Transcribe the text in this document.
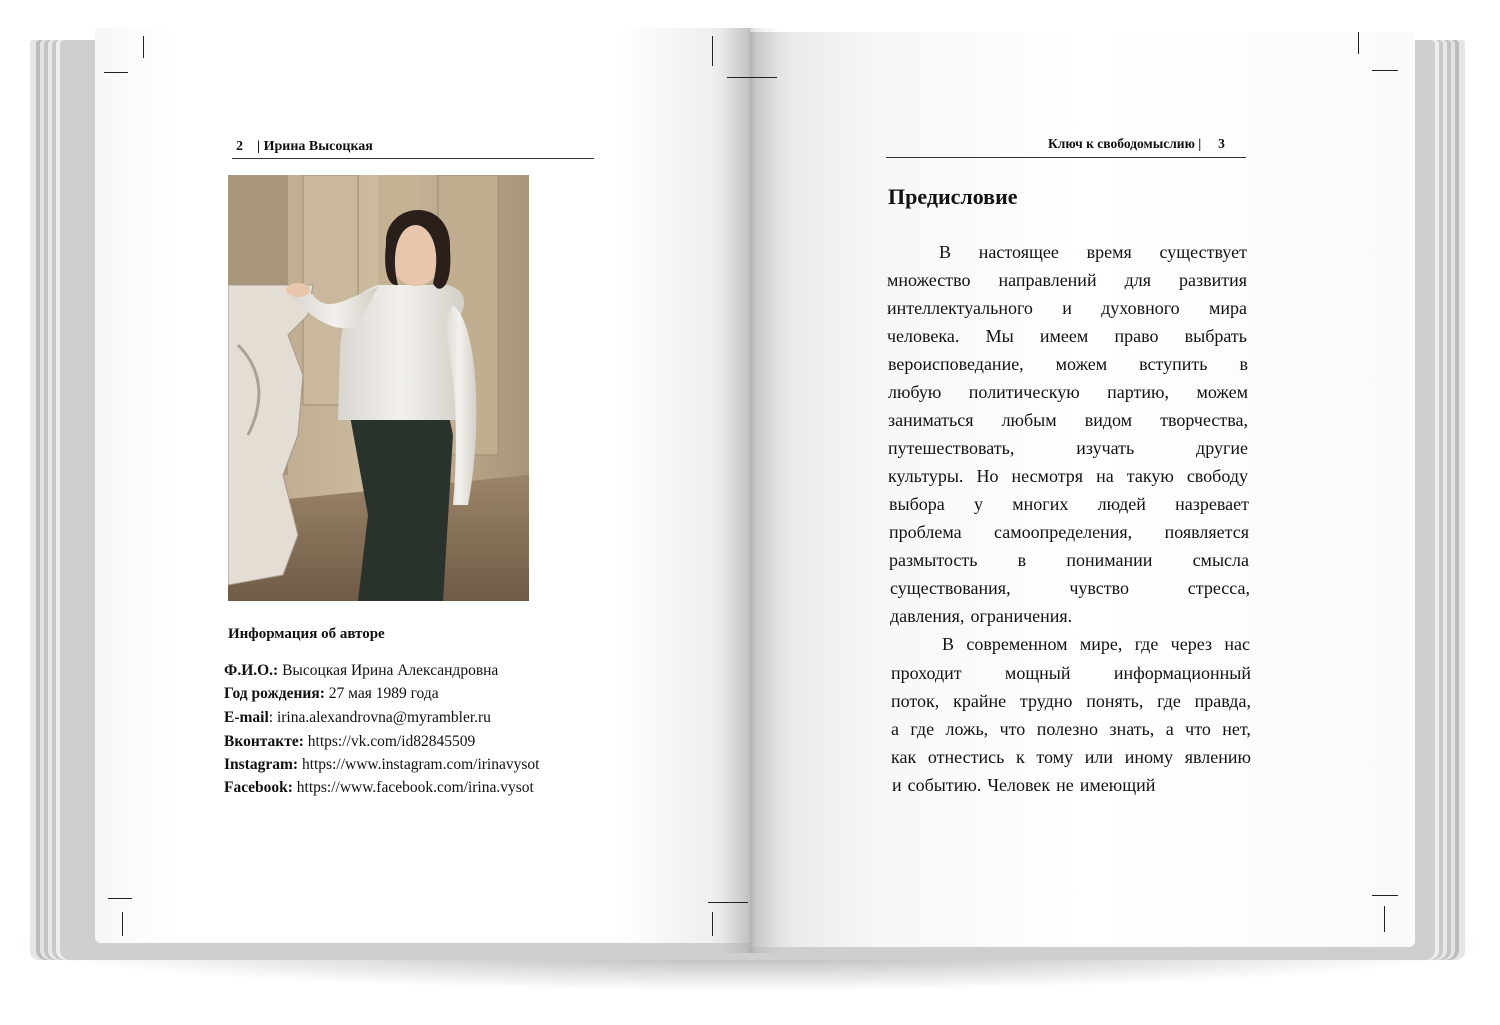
2 | Ирина Высоцкая
Информация об авторе
Ф.И.О.: Высоцкая Ирина Александровна
Год рождения: 27 мая 1989 года
E-mail: irina.alexandrovna@myrambler.ru
Вконтакте: https://vk.com/id82845509
Instagram: https://www.instagram.com/irinavysot
Facebook: https://www.facebook.com/irina.vysot
Ключ к свободомыслию | 3
Предисловие
В настоящее время существует
множество направлений для развития
интеллектуального и духовного мира
человека. Мы имеем право выбрать
вероисповедание, можем вступить в
любую политическую партию, можем
заниматься любым видом творчества,
путешествовать,	изучать	другие
культуры. Но несмотря на такую свободу
выбора у многих людей назревает
проблема самоопределения, появляется
размытость в понимании смысла
существования,	чувство	стресса,
давления, ограничения.
В современном мире, где через нас
проходит мощный информационный
поток, крайне трудно понять, где правда,
а где ложь, что полезно знать, а что нет,
как отнестись к тому или иному явлению
и событию. Человек не имеющий
